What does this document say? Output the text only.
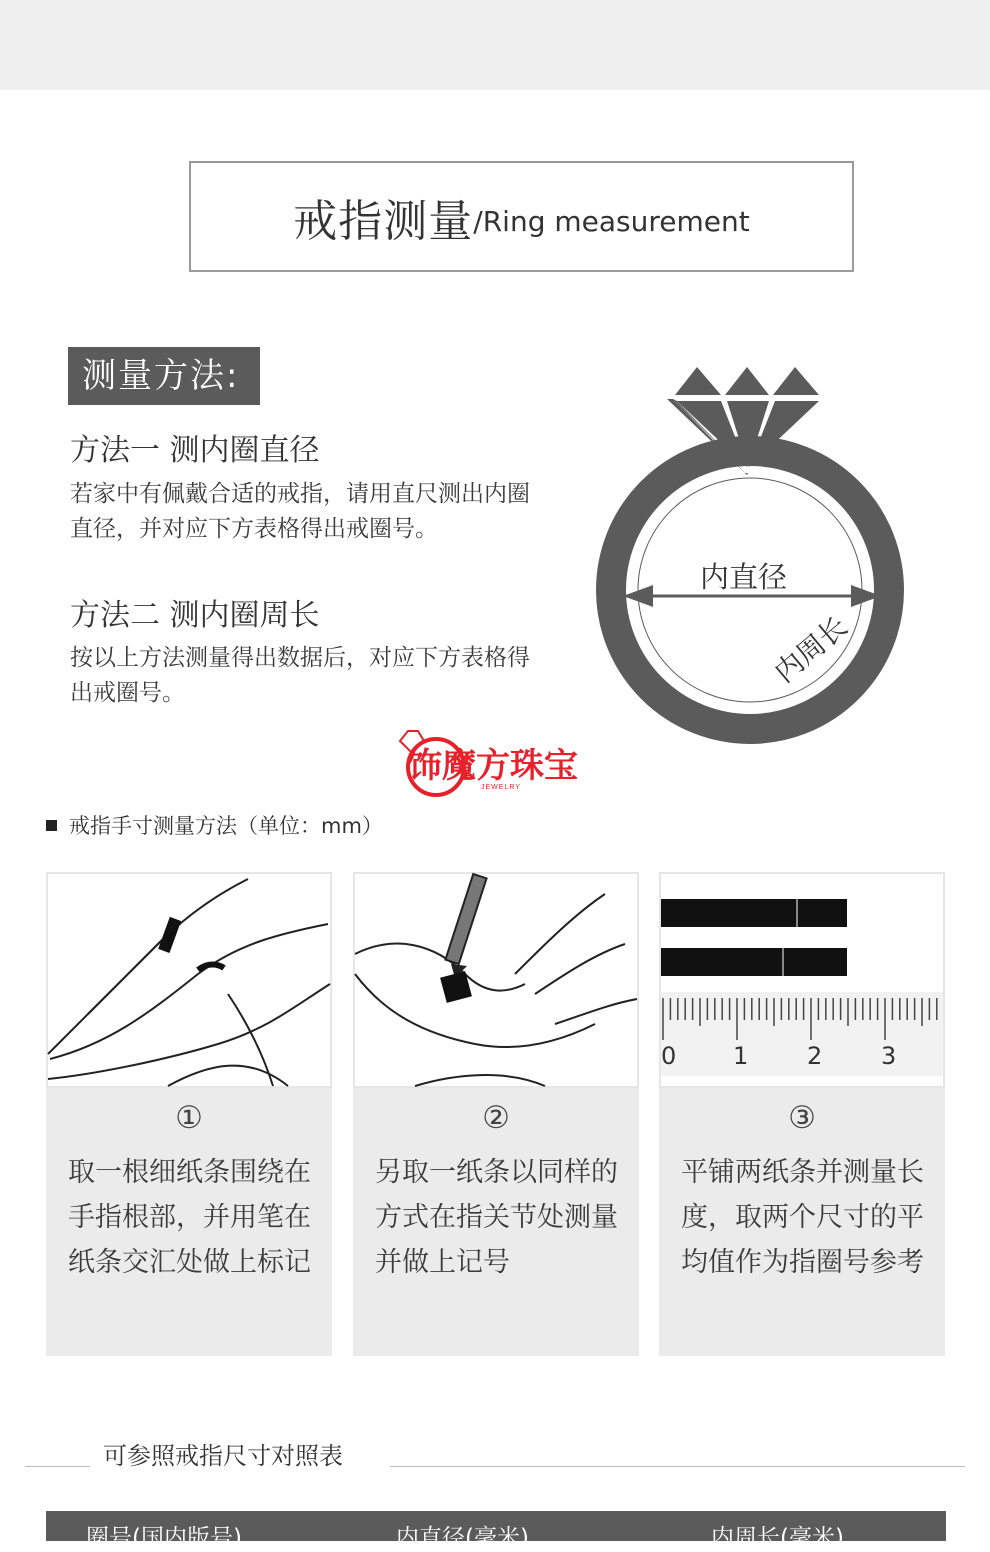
戒指测量 /Ring measurement
测量方法:
方法一 测内圈直径
若家中有佩戴合适的戒指，请用直尺测出内圈直径，并对应下方表格得出戒圈号。
方法二 测内圈周长
按以上方法测量得出数据后，对应下方表格得出戒圈号。
内直径
内周长
饰魔方珠宝
JEWELRY
戒指手寸测量方法（单位：mm）
①
取一根细纸条围绕在手指根部，并用笔在纸条交汇处做上标记
②
另取一纸条以同样的方式在指关节处测量并做上记号
0 1 2 3
③
平铺两纸条并测量长度，取两个尺寸的平均值作为指圈号参考
可参照戒指尺寸对照表
圈号(国内版号)	内直径(毫米)	内周长(毫米)
